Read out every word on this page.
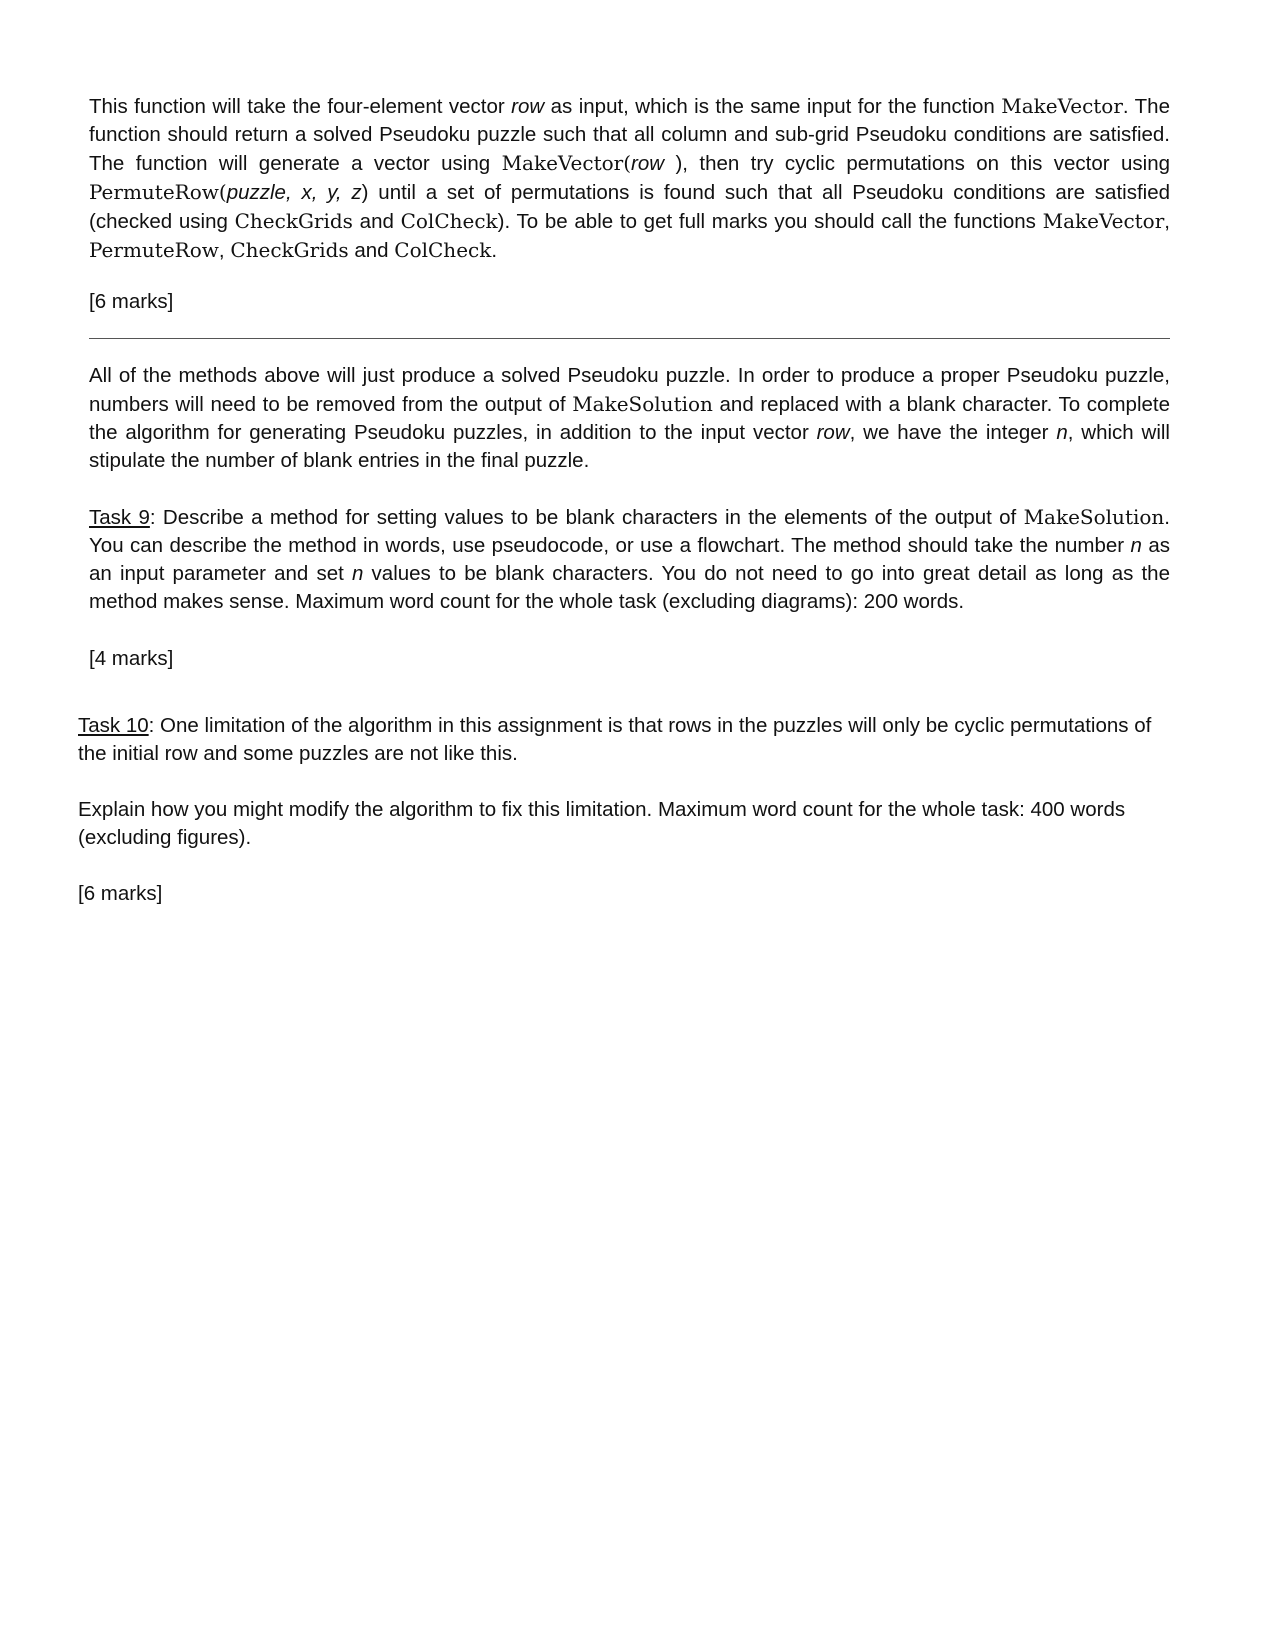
This function will take the four-element vector row as input, which is the same input for the function MakeVector. The function should return a solved Pseudoku puzzle such that all column and sub-grid Pseudoku conditions are satisfied. The function will generate a vector using MakeVector(row ), then try cyclic permutations on this vector using PermuteRow(puzzle, x, y, z) until a set of permutations is found such that all Pseudoku conditions are satisfied (checked using CheckGrids and ColCheck). To be able to get full marks you should call the functions MakeVector, PermuteRow, CheckGrids and ColCheck.

[6 marks]

All of the methods above will just produce a solved Pseudoku puzzle. In order to produce a proper Pseudoku puzzle, numbers will need to be removed from the output of MakeSolution and replaced with a blank character. To complete the algorithm for generating Pseudoku puzzles, in addition to the input vector row, we have the integer n, which will stipulate the number of blank entries in the final puzzle.

Task 9: Describe a method for setting values to be blank characters in the elements of the output of MakeSolution. You can describe the method in words, use pseudocode, or use a flowchart. The method should take the number n as an input parameter and set n values to be blank characters. You do not need to go into great detail as long as the method makes sense. Maximum word count for the whole task (excluding diagrams): 200 words.

[4 marks]

Task 10: One limitation of the algorithm in this assignment is that rows in the puzzles will only be cyclic permutations of the initial row and some puzzles are not like this.

Explain how you might modify the algorithm to fix this limitation. Maximum word count for the whole task: 400 words (excluding figures).
[6 marks]
